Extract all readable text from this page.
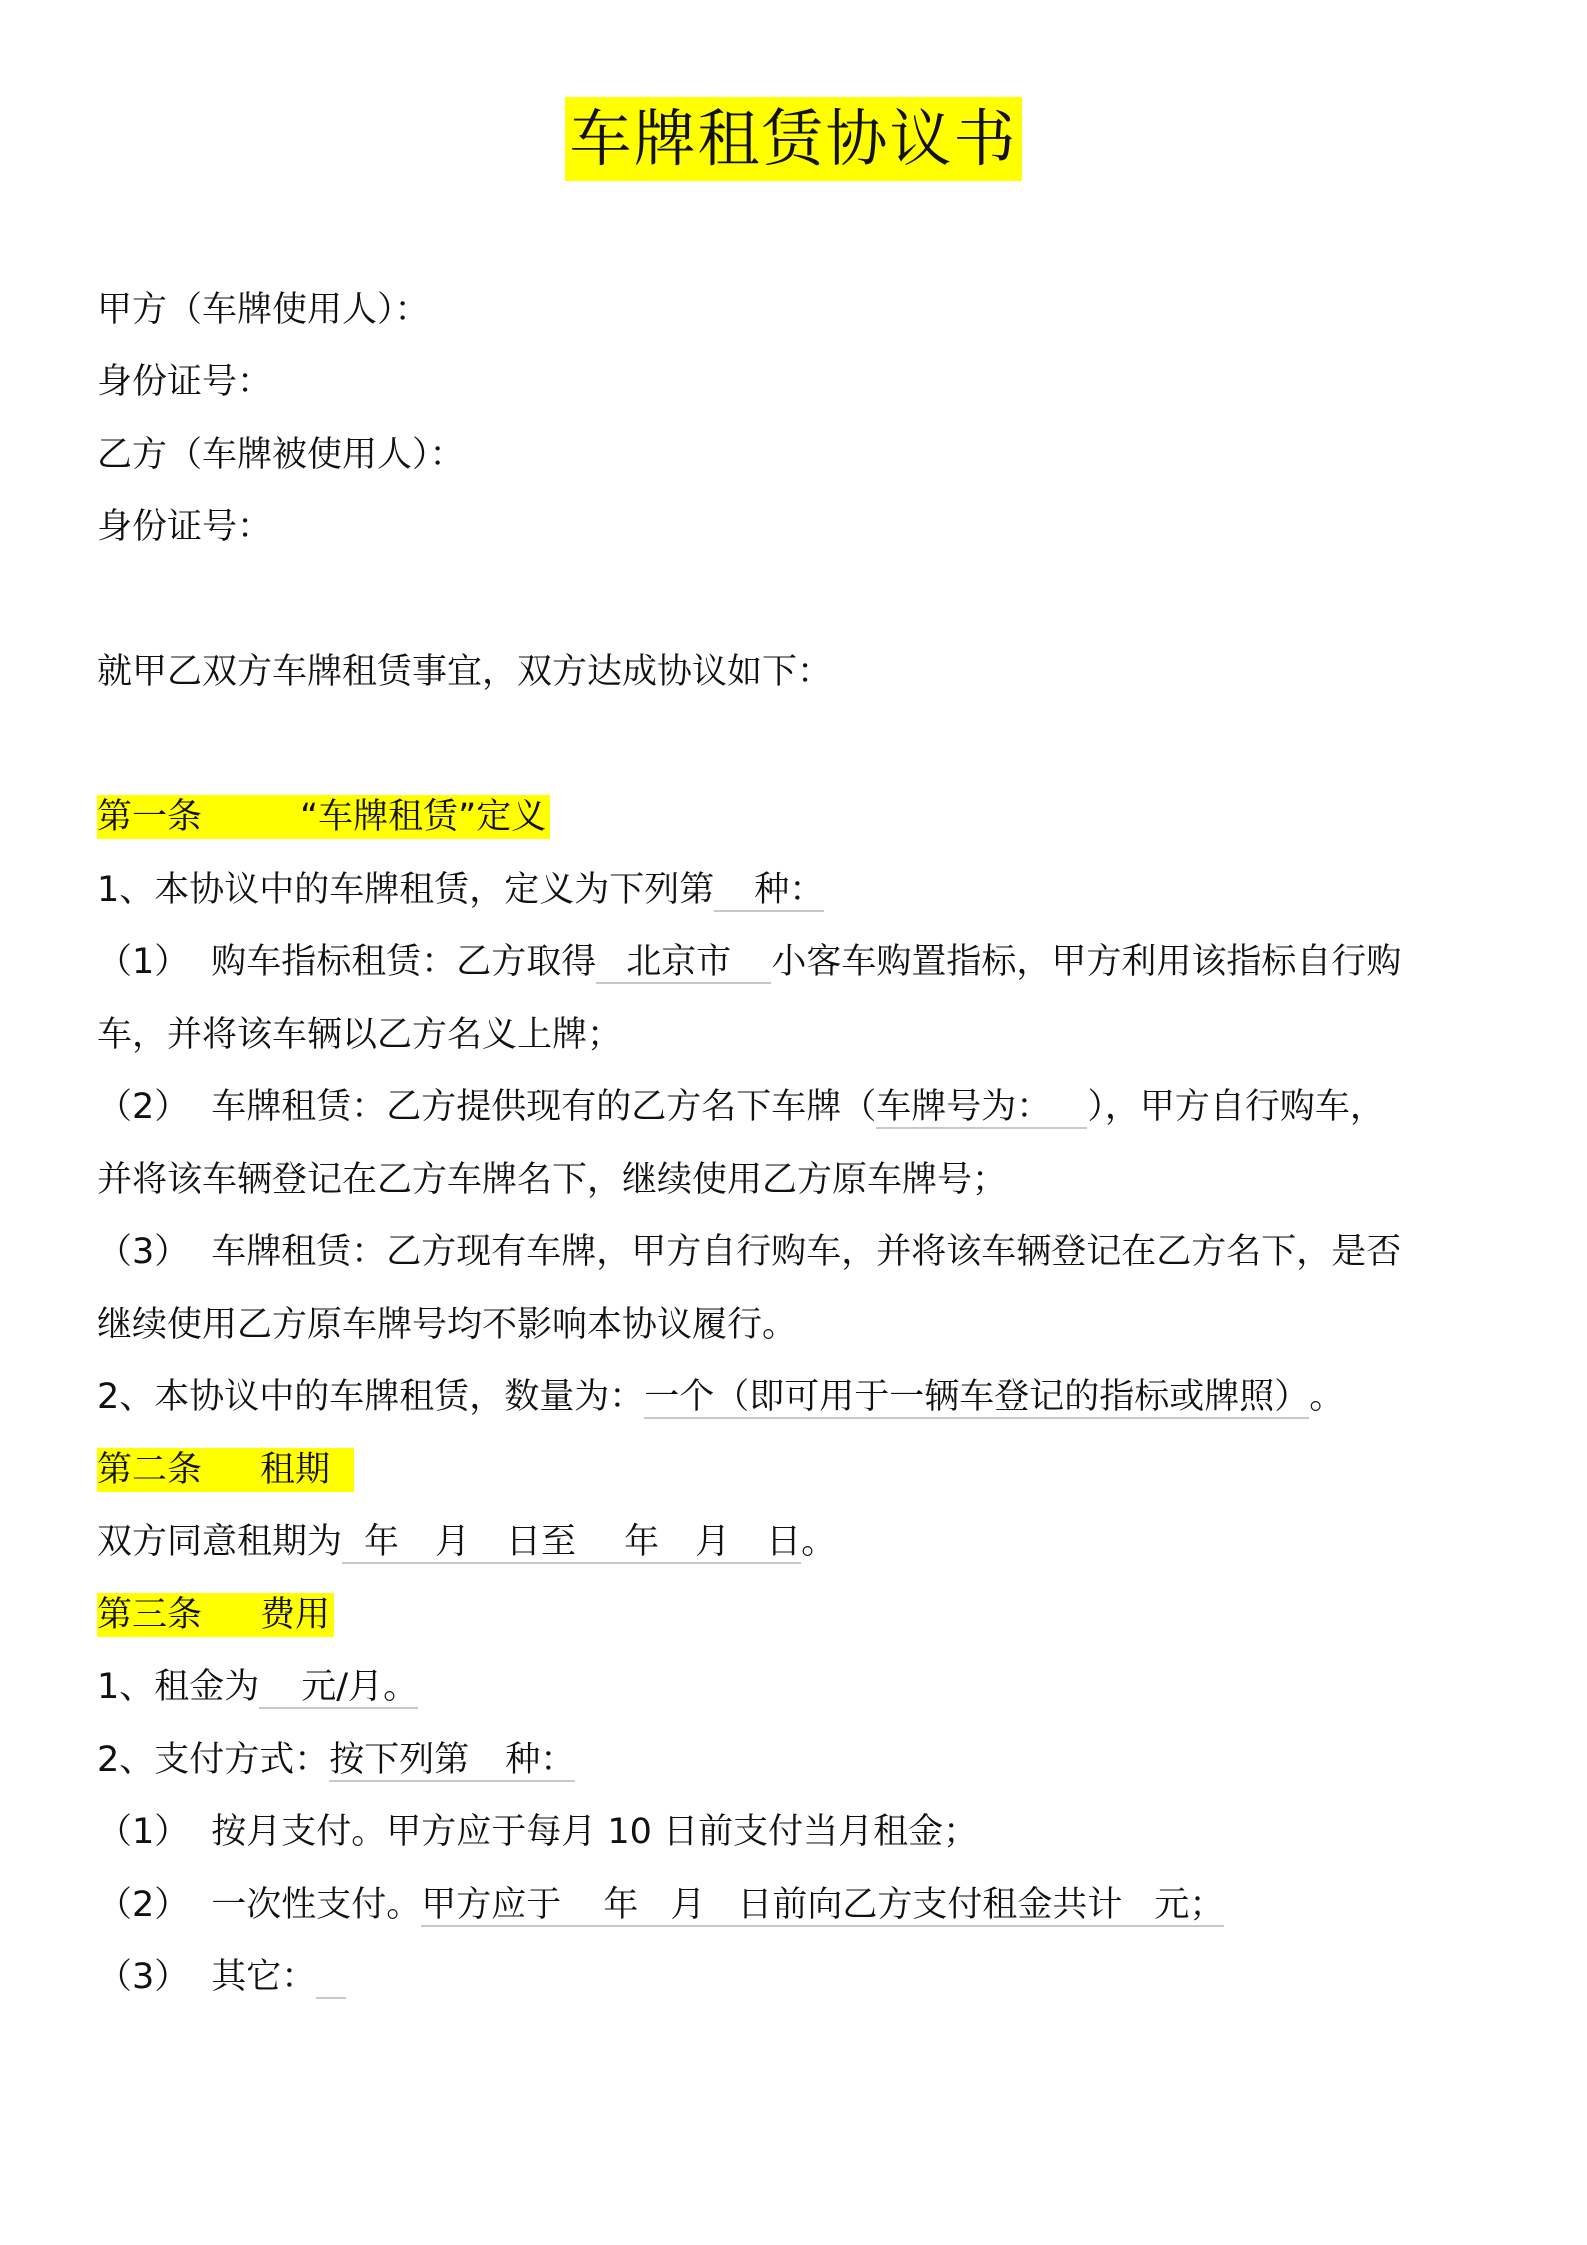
车牌租赁协议书
甲方（车牌使用人）：
身份证号：
乙方（车牌被使用人）：
身份证号：
就甲乙双方车牌租赁事宜，双方达成协议如下：
第一条	“车牌租赁”定义
1、本协议中的车牌租赁，定义为下列第 种：
（1） 购车指标租赁：乙方取得 北京市 小客车购置指标，甲方利用该指标自行购
车，并将该车辆以乙方名义上牌；
（2） 车牌租赁：乙方提供现有的乙方名下车牌（车牌号为： ），甲方自行购车，
并将该车辆登记在乙方车牌名下，继续使用乙方原车牌号；
（3） 车牌租赁：乙方现有车牌，甲方自行购车，并将该车辆登记在乙方名下，是否
继续使用乙方原车牌号均不影响本协议履行。
2、本协议中的车牌租赁，数量为：一个（即可用于一辆车登记的指标或牌照）。
第二条 租期
双方同意租期为 年 月 日至 年 月 日。
第三条 费用
1、租金为 元/月。
2、支付方式：按下列第 种：
（1） 按月支付。甲方应于每月 10 日前支付当月租金；
（2） 一次性支付。甲方应于 年 月 日前向乙方支付租金共计 元；
（3） 其它：
